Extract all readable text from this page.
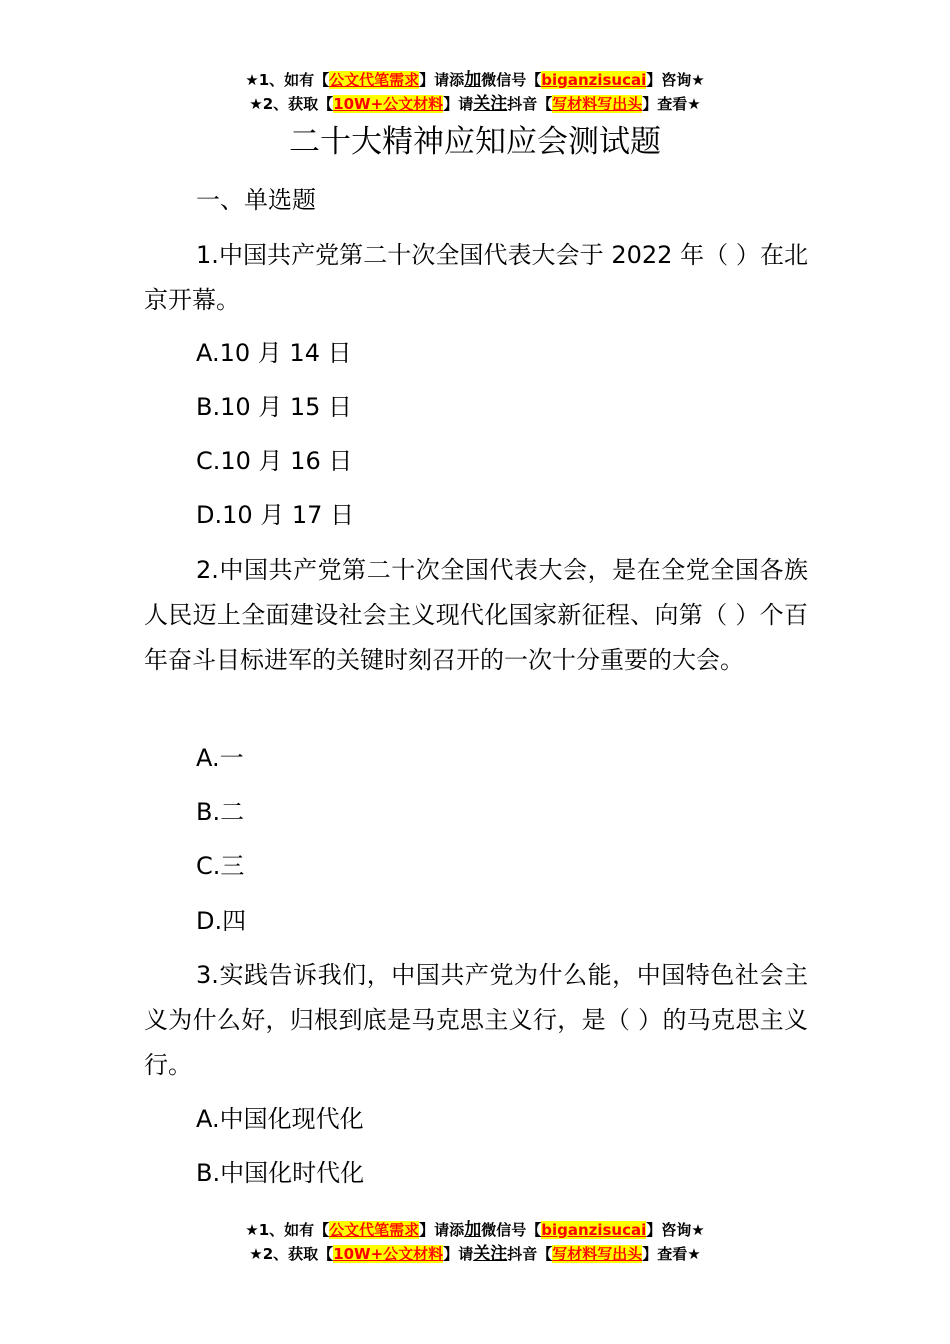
★1、如有【公文代笔需求】请添加微信号【biganzisucai】咨询★
★2、获取【10W+公文材料】请关注抖音【写材料写出头】查看★
二十大精神应知应会测试题

一、单选题

1.中国共产党第二十次全国代表大会于 2022 年（ ）在北京开幕。

A.10 月 14 日

B.10 月 15 日

C.10 月 16 日

D.10 月 17 日

2.中国共产党第二十次全国代表大会，是在全党全国各族人民迈上全面建设社会主义现代化国家新征程、向第（ ）个百年奋斗目标进军的关键时刻召开的一次十分重要的大会。

A.一

B.二

C.三

D.四

3.实践告诉我们，中国共产党为什么能，中国特色社会主义为什么好，归根到底是马克思主义行，是（ ）的马克思主义行。

A.中国化现代化

B.中国化时代化

★1、如有【公文代笔需求】请添加微信号【biganzisucai】咨询★
★2、获取【10W+公文材料】请关注抖音【写材料写出头】查看★
